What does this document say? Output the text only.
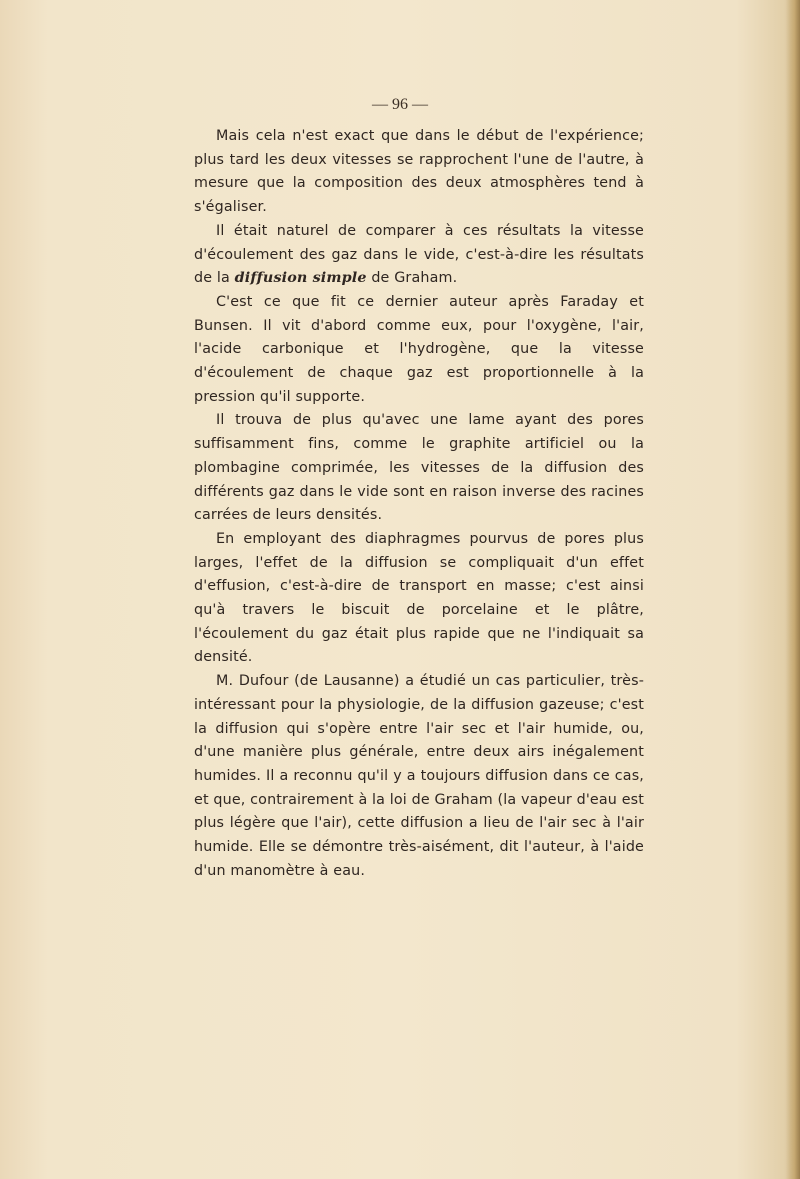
— 96 —

Mais cela n'est exact que dans le début de l'expérience; plus tard les deux vitesses se rapprochent l'une de l'autre, à mesure que la composition des deux atmosphères tend à s'égaliser.

Il était naturel de comparer à ces résultats la vitesse d'écoulement des gaz dans le vide, c'est-à-dire les résultats de la diffusion simple de Graham.

C'est ce que fit ce dernier auteur après Faraday et Bunsen. Il vit d'abord comme eux, pour l'oxygène, l'air, l'acide carbonique et l'hydrogène, que la vitesse d'écoulement de chaque gaz est proportionnelle à la pression qu'il supporte.

Il trouva de plus qu'avec une lame ayant des pores suffisamment fins, comme le graphite artificiel ou la plombagine comprimée, les vitesses de la diffusion des différents gaz dans le vide sont en raison inverse des racines carrées de leurs densités.

En employant des diaphragmes pourvus de pores plus larges, l'effet de la diffusion se compliquait d'un effet d'effusion, c'est-à-dire de transport en masse; c'est ainsi qu'à travers le biscuit de porcelaine et le plâtre, l'écoulement du gaz était plus rapide que ne l'indiquait sa densité.

M. Dufour (de Lausanne) a étudié un cas particulier, très-intéressant pour la physiologie, de la diffusion gazeuse; c'est la diffusion qui s'opère entre l'air sec et l'air humide, ou, d'une manière plus générale, entre deux airs inégalement humides. Il a reconnu qu'il y a toujours diffusion dans ce cas, et que, contrairement à la loi de Graham (la vapeur d'eau est plus légère que l'air), cette diffusion a lieu de l'air sec à l'air humide. Elle se démontre très-aisément, dit l'auteur, à l'aide d'un manomètre à eau.
